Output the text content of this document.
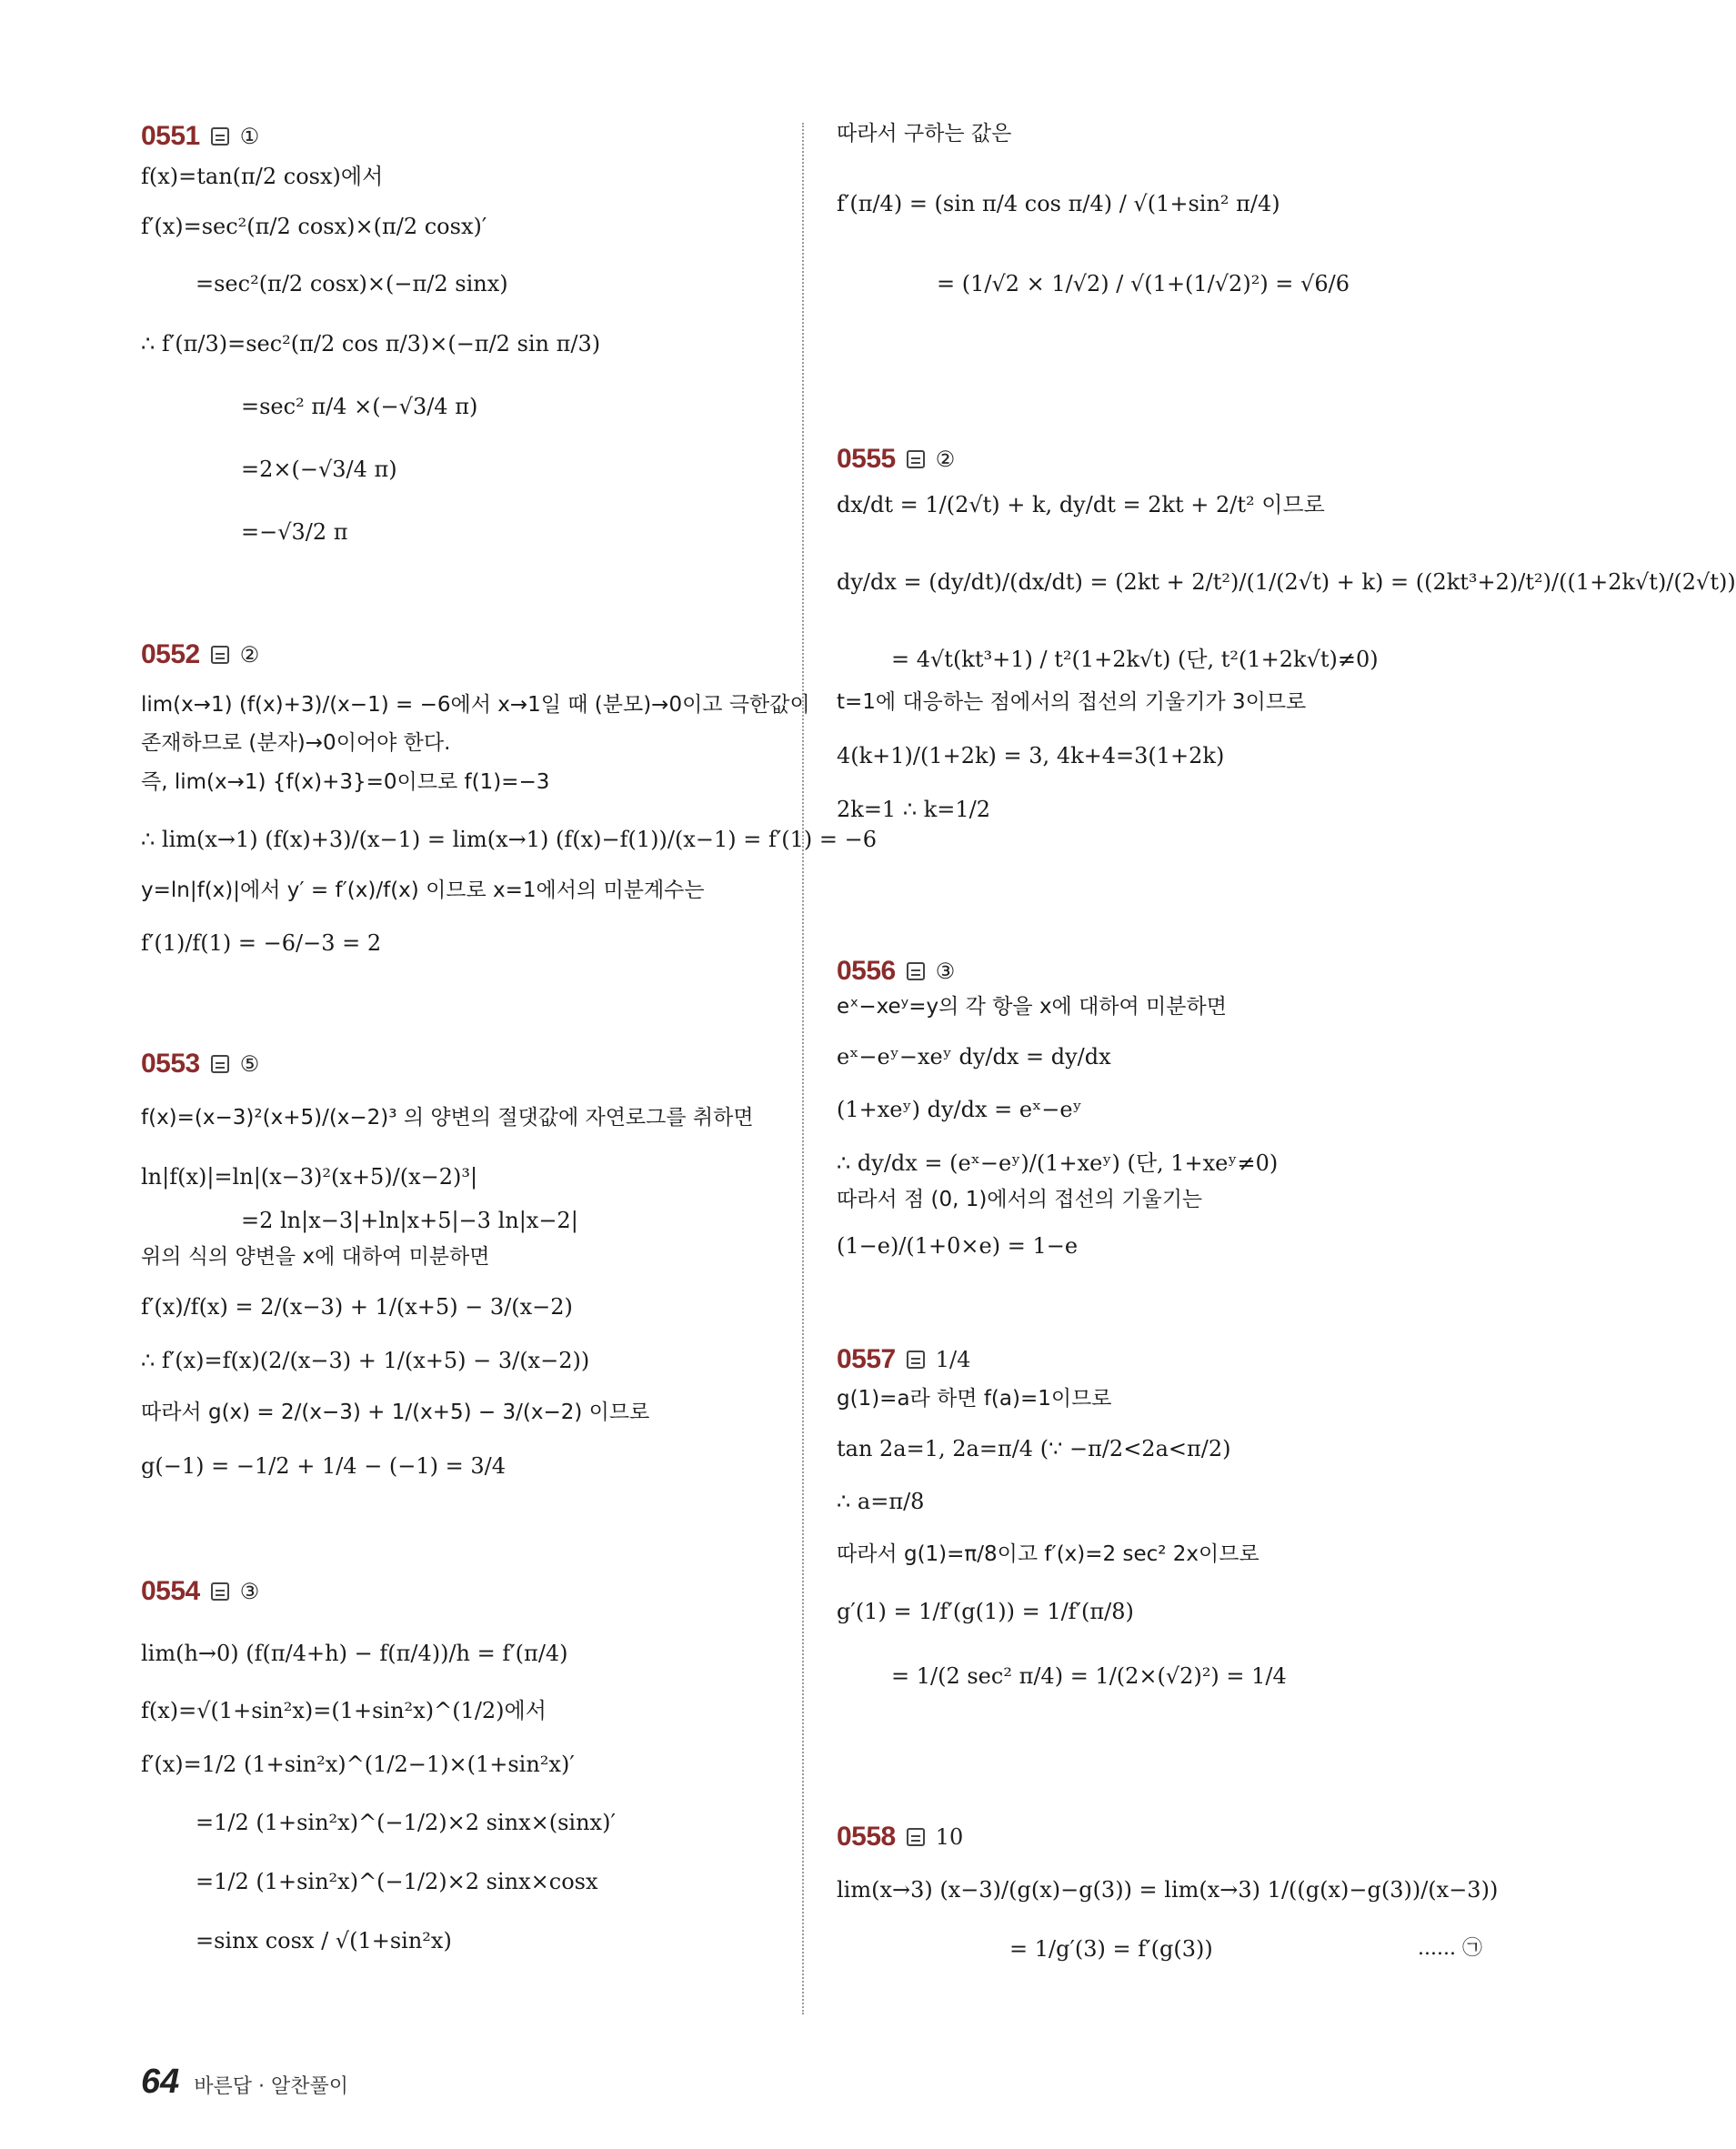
0551 ①
f(x)=tan(π/2 cosx)에서
f′(x)=sec²(π/2 cosx)×(π/2 cosx)′
=sec²(π/2 cosx)×(−π/2 sinx)
∴ f′(π/3)=sec²(π/2 cos π/3)×(−π/2 sin π/3)
=sec² π/4 ×(−√3/4 π)
=2×(−√3/4 π)
=−√3/2 π
0552 ②
lim(x→1) (f(x)+3)/(x−1) = −6에서 x→1일 때 (분모)→0이고 극한값이
존재하므로 (분자)→0이어야 한다.
즉, lim(x→1) {f(x)+3}=0이므로 f(1)=−3
∴ lim(x→1) (f(x)+3)/(x−1) = lim(x→1) (f(x)−f(1))/(x−1) = f′(1) = −6
y=ln|f(x)|에서 y′ = f′(x)/f(x) 이므로 x=1에서의 미분계수는
f′(1)/f(1) = −6/−3 = 2
0553 ⑤
f(x)=(x−3)²(x+5)/(x−2)³ 의 양변의 절댓값에 자연로그를 취하면
ln|f(x)|=ln|(x−3)²(x+5)/(x−2)³|
=2 ln|x−3|+ln|x+5|−3 ln|x−2|
위의 식의 양변을 x에 대하여 미분하면
f′(x)/f(x) = 2/(x−3) + 1/(x+5) − 3/(x−2)
∴ f′(x)=f(x)(2/(x−3) + 1/(x+5) − 3/(x−2))
따라서 g(x) = 2/(x−3) + 1/(x+5) − 3/(x−2) 이므로
g(−1) = −1/2 + 1/4 − (−1) = 3/4
0554 ③
lim(h→0) (f(π/4+h) − f(π/4))/h = f′(π/4)
f(x)=√(1+sin²x)=(1+sin²x)^(1/2)에서
f′(x)=1/2 (1+sin²x)^(1/2−1)×(1+sin²x)′
=1/2 (1+sin²x)^(−1/2)×2 sinx×(sinx)′
=1/2 (1+sin²x)^(−1/2)×2 sinx×cosx
=sinx cosx / √(1+sin²x)
따라서 구하는 값은
f′(π/4) = (sin π/4 cos π/4) / √(1+sin² π/4)
= (1/√2 × 1/√2) / √(1+(1/√2)²) = √6/6
0555 ②
dx/dt = 1/(2√t) + k, dy/dt = 2kt + 2/t² 이므로
dy/dx = (dy/dt)/(dx/dt) = (2kt + 2/t²)/(1/(2√t) + k) = ((2kt³+2)/t²)/((1+2k√t)/(2√t))
= 4√t(kt³+1) / t²(1+2k√t) (단, t²(1+2k√t)≠0)
t=1에 대응하는 점에서의 접선의 기울기가 3이므로
4(k+1)/(1+2k) = 3, 4k+4=3(1+2k)
2k=1 ∴ k=1/2
0556 ③
eˣ−xeʸ=y의 각 항을 x에 대하여 미분하면
eˣ−eʸ−xeʸ dy/dx = dy/dx
(1+xeʸ) dy/dx = eˣ−eʸ
∴ dy/dx = (eˣ−eʸ)/(1+xeʸ) (단, 1+xeʸ≠0)
따라서 점 (0, 1)에서의 접선의 기울기는
(1−e)/(1+0×e) = 1−e
0557 1/4
g(1)=a라 하면 f(a)=1이므로
tan 2a=1, 2a=π/4 (∵ −π/2<2a<π/2)
∴ a=π/8
따라서 g(1)=π/8이고 f′(x)=2 sec² 2x이므로
g′(1) = 1/f′(g(1)) = 1/f′(π/8)
= 1/(2 sec² π/4) = 1/(2×(√2)²) = 1/4
0558 10
lim(x→3) (x−3)/(g(x)−g(3)) = lim(x→3) 1/((g(x)−g(3))/(x−3))
= 1/g′(3) = f′(g(3))	...... ㉠
64 바른답 · 알찬풀이
